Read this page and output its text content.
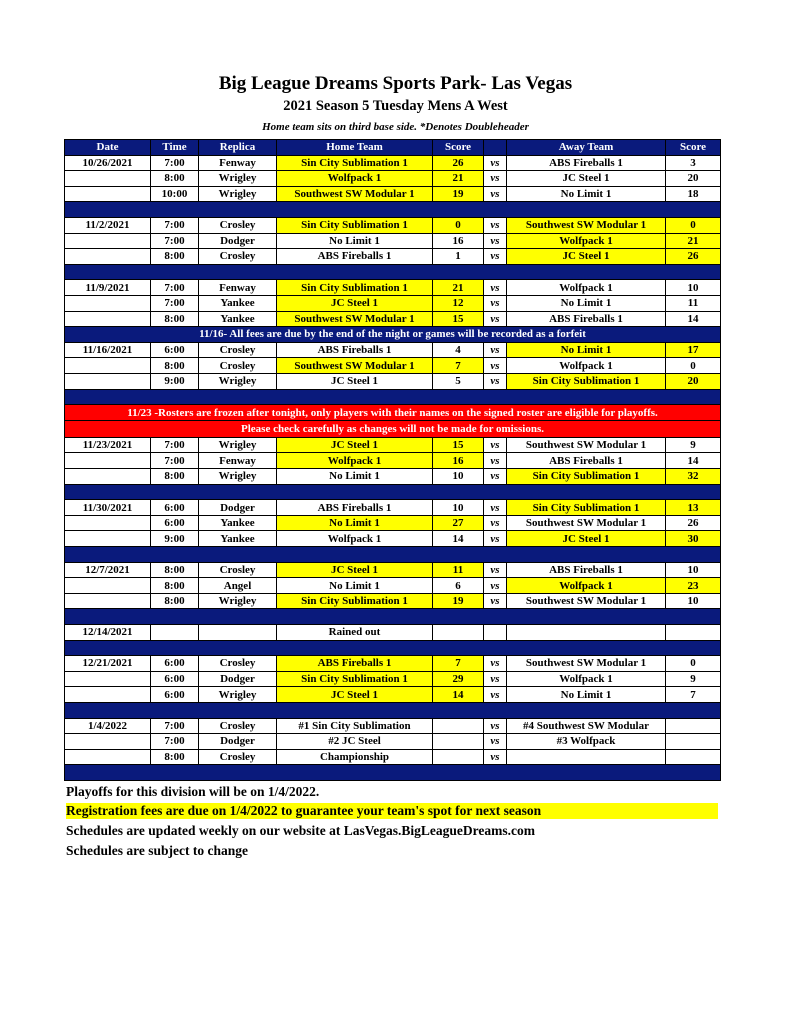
Big League Dreams Sports Park- Las Vegas
2021 Season 5 Tuesday Mens A West
Home team sits on third base side. *Denotes Doubleheader
Date	Time	Replica	Home Team	Score		Away Team	Score
10/26/2021	7:00	Fenway	Sin City Sublimation 1	26	vs	ABS Fireballs 1	3
	8:00	Wrigley	Wolfpack 1	21	vs	JC Steel 1	20
	10:00	Wrigley	Southwest SW Modular 1	19	vs	No Limit 1	18

11/2/2021	7:00	Crosley	Sin City Sublimation 1	0	vs	Southwest SW Modular 1	0
	7:00	Dodger	No Limit 1	16	vs	Wolfpack 1	21
	8:00	Crosley	ABS Fireballs 1	1	vs	JC Steel 1	26

11/9/2021	7:00	Fenway	Sin City Sublimation 1	21	vs	Wolfpack 1	10
	7:00	Yankee	JC Steel 1	12	vs	No Limit 1	11
	8:00	Yankee	Southwest SW Modular 1	15	vs	ABS Fireballs 1	14
11/16- All fees are due by the end of the night or games will be recorded as a forfeit							
11/16/2021	6:00	Crosley	ABS Fireballs 1	4	vs	No Limit 1	17
	8:00	Crosley	Southwest SW Modular 1	7	vs	Wolfpack 1	0
	9:00	Wrigley	JC Steel 1	5	vs	Sin City Sublimation 1	20

11/23 -Rosters are frozen after tonight, only players with their names on the signed roster are eligible for playoffs.							
Please check carefully as changes will not be made for omissions.							
11/23/2021	7:00	Wrigley	JC Steel 1	15	vs	Southwest SW Modular 1	9
	7:00	Fenway	Wolfpack 1	16	vs	ABS Fireballs 1	14
	8:00	Wrigley	No Limit 1	10	vs	Sin City Sublimation 1	32

11/30/2021	6:00	Dodger	ABS Fireballs 1	10	vs	Sin City Sublimation 1	13
	6:00	Yankee	No Limit 1	27	vs	Southwest SW Modular 1	26
	9:00	Yankee	Wolfpack 1	14	vs	JC Steel 1	30

12/7/2021	8:00	Crosley	JC Steel 1	11	vs	ABS Fireballs 1	10
	8:00	Angel	No Limit 1	6	vs	Wolfpack 1	23
	8:00	Wrigley	Sin City Sublimation 1	19	vs	Southwest SW Modular 1	10

12/14/2021			Rained out				

12/21/2021	6:00	Crosley	ABS Fireballs 1	7	vs	Southwest SW Modular 1	0
	6:00	Dodger	Sin City Sublimation 1	29	vs	Wolfpack 1	9
	6:00	Wrigley	JC Steel 1	14	vs	No Limit 1	7

1/4/2022	7:00	Crosley	#1 Sin City Sublimation		vs	#4 Southwest SW Modular	
	7:00	Dodger	#2 JC Steel		vs	#3 Wolfpack	
	8:00	Crosley	Championship		vs		

Playoffs for this division will be on 1/4/2022.
Registration fees are due on 1/4/2022 to guarantee your team's spot for next season
Schedules are updated weekly on our website at LasVegas.BigLeagueDreams.com
Schedules are subject to change
